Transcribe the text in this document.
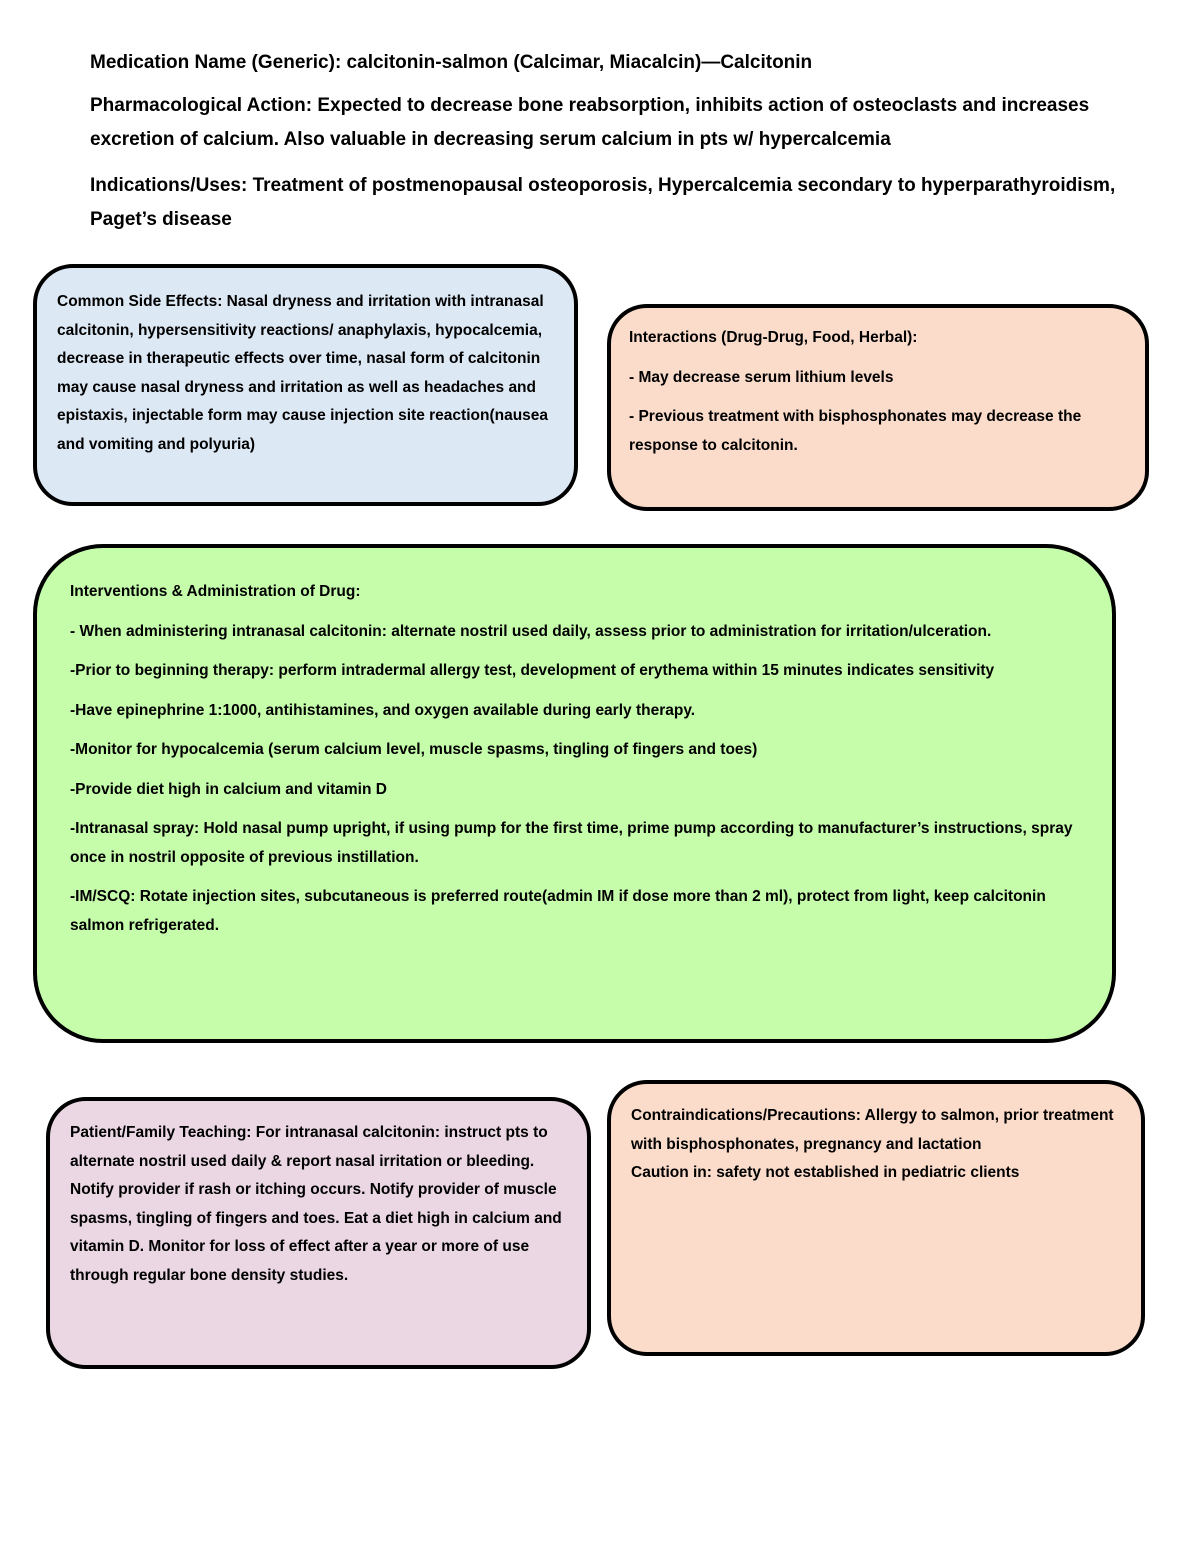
Medication Name (Generic): calcitonin-salmon (Calcimar, Miacalcin)—Calcitonin

Pharmacological Action: Expected to decrease bone reabsorption, inhibits action of osteoclasts and increases excretion of calcium. Also valuable in decreasing serum calcium in pts w/ hypercalcemia

Indications/Uses: Treatment of postmenopausal osteoporosis, Hypercalcemia secondary to hyperparathyroidism, Paget’s disease

Common Side Effects: Nasal dryness and irritation with intranasal calcitonin, hypersensitivity reactions/ anaphylaxis, hypocalcemia, decrease in therapeutic effects over time, nasal form of calcitonin may cause nasal dryness and irritation as well as headaches and epistaxis, injectable form may cause injection site reaction(nausea and vomiting and polyuria)

Interactions (Drug-Drug, Food, Herbal):

- May decrease serum lithium levels

- Previous treatment with bisphosphonates may decrease the response to calcitonin.

Interventions & Administration of Drug:

- When administering intranasal calcitonin: alternate nostril used daily, assess prior to administration for irritation/ulceration.

-Prior to beginning therapy: perform intradermal allergy test, development of erythema within 15 minutes indicates sensitivity

-Have epinephrine 1:1000, antihistamines, and oxygen available during early therapy.

-Monitor for hypocalcemia (serum calcium level, muscle spasms, tingling of fingers and toes)

-Provide diet high in calcium and vitamin D

-Intranasal spray: Hold nasal pump upright, if using pump for the first time, prime pump according to manufacturer’s instructions, spray once in nostril opposite of previous instillation.

-IM/SCQ: Rotate injection sites, subcutaneous is preferred route(admin IM if dose more than 2 ml), protect from light, keep calcitonin salmon refrigerated.

Patient/Family Teaching: For intranasal calcitonin: instruct pts to alternate nostril used daily & report nasal irritation or bleeding. Notify provider if rash or itching occurs. Notify provider of muscle spasms, tingling of fingers and toes. Eat a diet high in calcium and vitamin D. Monitor for loss of effect after a year or more of use through regular bone density studies.

Contraindications/Precautions: Allergy to salmon, prior treatment with bisphosphonates, pregnancy and lactation

Caution in: safety not established in pediatric clients
